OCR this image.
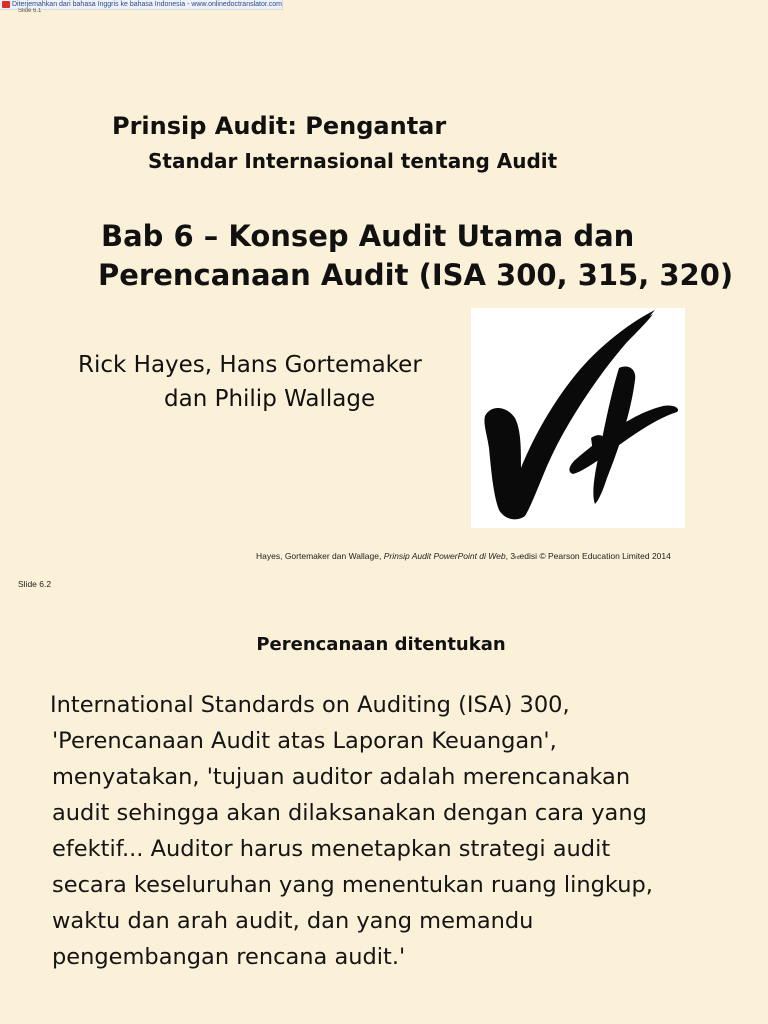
Diterjemahkan dari bahasa Inggris ke bahasa Indonesia - www.onlinedoctranslator.com
Slide 6.1
Prinsip Audit: Pengantar
Standar Internasional tentang Audit
Bab 6 – Konsep Audit Utama dan
Perencanaan Audit (ISA 300, 315, 320)
Rick Hayes, Hans Gortemaker
dan Philip Wallage
Hayes, Gortemaker dan Wallage, Prinsip Audit PowerPoint di Web, 3rdedisi © Pearson Education Limited 2014
Slide 6.2
Perencanaan ditentukan
International Standards on Auditing (ISA) 300,
'Perencanaan Audit atas Laporan Keuangan',
menyatakan, 'tujuan auditor adalah merencanakan
audit sehingga akan dilaksanakan dengan cara yang
efektif... Auditor harus menetapkan strategi audit
secara keseluruhan yang menentukan ruang lingkup,
waktu dan arah audit, dan yang memandu
pengembangan rencana audit.'
